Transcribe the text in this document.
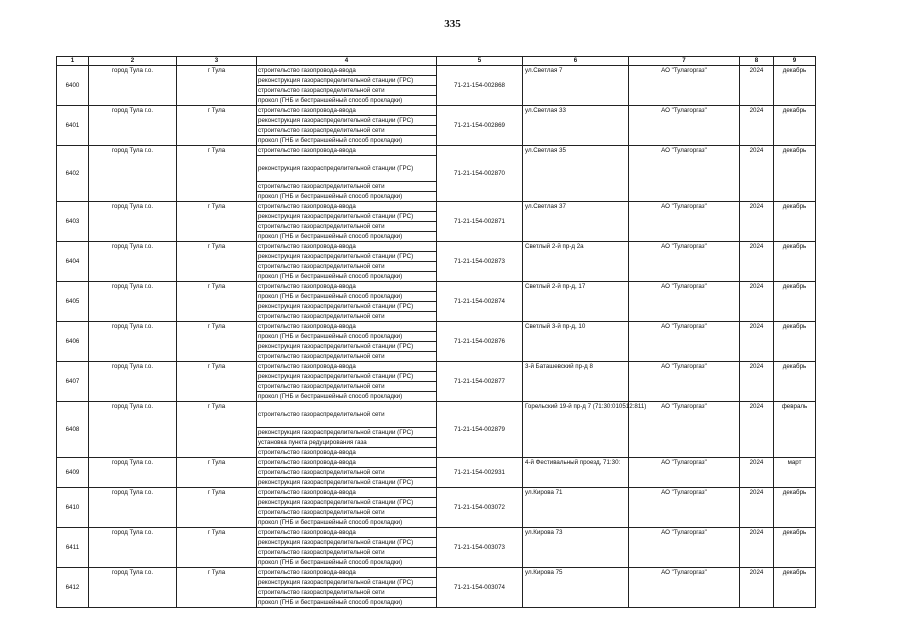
335
1	2	3	4	5	6	7	8	9
6400	город Тула г.о.	г Тула	строительство газопровода-ввода	71-21-154-002868	ул.Светлая 7	АО "Тулагоргаз"	2024	декабрь
			реконструкция газораспределительной станции (ГРС)					
			строительство газораспределительной сети					
			прокол (ГНБ и бестраншейный способ прокладки)					
6401	город Тула г.о.	г Тула	строительство газопровода-ввода	71-21-154-002869	ул.Светлая 33	АО "Тулагоргаз"	2024	декабрь
			реконструкция газораспределительной станции (ГРС)					
			строительство газораспределительной сети					
			прокол (ГНБ и бестраншейный способ прокладки)					
6402	город Тула г.о.	г Тула	строительство газопровода-ввода	71-21-154-002870	ул.Светлая 35	АО "Тулагоргаз"	2024	декабрь
			реконструкция газораспределительной станции (ГРС)					
			строительство газораспределительной сети					
			прокол (ГНБ и бестраншейный способ прокладки)					
6403	город Тула г.о.	г Тула	строительство газопровода-ввода	71-21-154-002871	ул.Светлая 37	АО "Тулагоргаз"	2024	декабрь
			реконструкция газораспределительной станции (ГРС)					
			строительство газораспределительной сети					
			прокол (ГНБ и бестраншейный способ прокладки)					
6404	город Тула г.о.	г Тула	строительство газопровода-ввода	71-21-154-002873	Светлый 2-й пр-д 2а	АО "Тулагоргаз"	2024	декабрь
			реконструкция газораспределительной станции (ГРС)					
			строительство газораспределительной сети					
			прокол (ГНБ и бестраншейный способ прокладки)					
6405	город Тула г.о.	г Тула	строительство газопровода-ввода	71-21-154-002874	Светлый 2-й пр-д, 17	АО "Тулагоргаз"	2024	декабрь
			прокол (ГНБ и бестраншейный способ прокладки)					
			реконструкция газораспределительной станции (ГРС)					
			строительство газораспределительной сети					
6406	город Тула г.о.	г Тула	строительство газопровода-ввода	71-21-154-002876	Светлый 3-й пр-д, 10	АО "Тулагоргаз"	2024	декабрь
			прокол (ГНБ и бестраншейный способ прокладки)					
			реконструкция газораспределительной станции (ГРС)					
			строительство газораспределительной сети					
6407	город Тула г.о.	г Тула	строительство газопровода-ввода	71-21-154-002877	3-й Баташевский пр-д 8	АО "Тулагоргаз"	2024	декабрь
			реконструкция газораспределительной станции (ГРС)					
			строительство газораспределительной сети					
			прокол (ГНБ и бестраншейный способ прокладки)					
6408	город Тула г.о.	г Тула	строительство газораспределительной сети	71-21-154-002879	Горельский 19-й пр-д 7 (71:30:010512:811)	АО "Тулагоргаз"	2024	февраль
			реконструкция газораспределительной станции (ГРС)					
			установка пункта редуцирования газа					
			строительство газопровода-ввода					
6409	город Тула г.о.	г Тула	строительство газопровода-ввода	71-21-154-002931	4-й Фестивальный проезд, 71:30:	АО "Тулагоргаз"	2024	март
			строительство газораспределительной сети					
			реконструкция газораспределительной станции (ГРС)					
6410	город Тула г.о.	г Тула	строительство газопровода-ввода	71-21-154-003072	ул.Кирова 71	АО "Тулагоргаз"	2024	декабрь
			реконструкция газораспределительной станции (ГРС)					
			строительство газораспределительной сети					
			прокол (ГНБ и бестраншейный способ прокладки)					
6411	город Тула г.о.	г Тула	строительство газопровода-ввода	71-21-154-003073	ул.Кирова 73	АО "Тулагоргаз"	2024	декабрь
			реконструкция газораспределительной станции (ГРС)					
			строительство газораспределительной сети					
			прокол (ГНБ и бестраншейный способ прокладки)					
6412	город Тула г.о.	г Тула	строительство газопровода-ввода	71-21-154-003074	ул.Кирова 75	АО "Тулагоргаз"	2024	декабрь
			реконструкция газораспределительной станции (ГРС)					
			строительство газораспределительной сети					
			прокол (ГНБ и бестраншейный способ прокладки)					
